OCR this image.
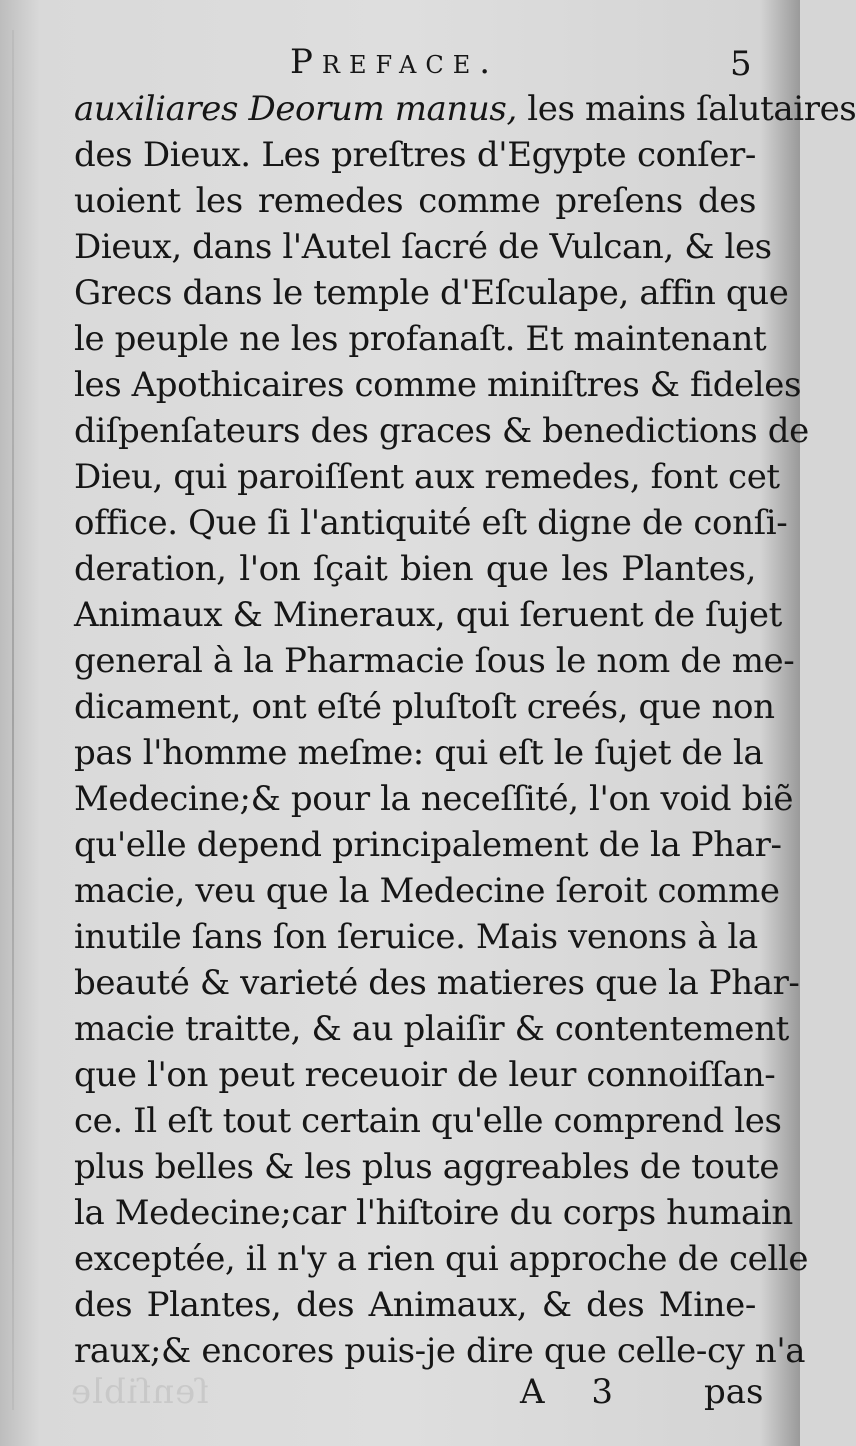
ſenſible
Preface.	5
auxiliares Deorum manus, les mains ſalutaires
des Dieux. Les preſtres d'Egypte conſer-
uoient les remedes comme preſens des
Dieux, dans l'Autel ſacré de Vulcan, & les
Grecs dans le temple d'Eſculape, affin que
le peuple ne les profanaſt. Et maintenant
les Apothicaires comme miniſtres & fideles
diſpenſateurs des graces & benedictions de
Dieu, qui paroiſſent aux remedes, font cet
office. Que ſi l'antiquité eſt digne de conſi-
deration, l'on ſçait bien que les Plantes,
Animaux & Mineraux, qui ſeruent de ſujet
general à la Pharmacie ſous le nom de me-
dicament, ont eſté pluſtoſt creés, que non
pas l'homme meſme: qui eſt le ſujet de la
Medecine;& pour la neceſſité, l'on void biẽ
qu'elle depend principalement de la Phar-
macie, veu que la Medecine ſeroit comme
inutile ſans ſon ſeruice. Mais venons à la
beauté & varieté des matieres que la Phar-
macie traitte, & au plaiſir & contentement
que l'on peut receuoir de leur connoiſſan-
ce. Il eſt tout certain qu'elle comprend les
plus belles & les plus aggreables de toute
la Medecine;car l'hiſtoire du corps humain
exceptée, il n'y a rien qui approche de celle
des Plantes, des Animaux, & des Mine-
raux;& encores puis-je dire que celle-cy n'a
A 3 pas
